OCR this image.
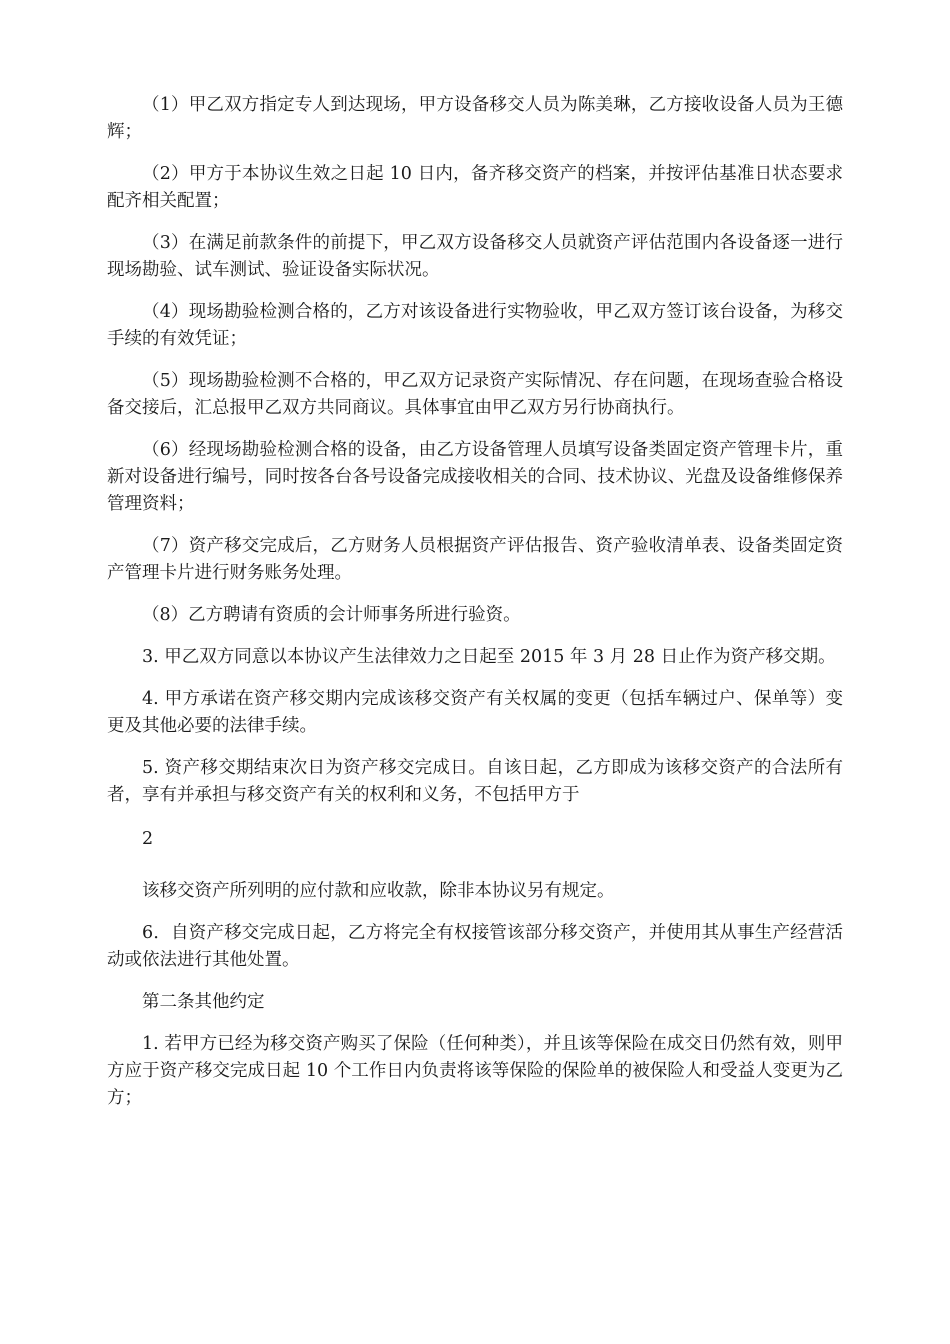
（1）甲乙双方指定专人到达现场，甲方设备移交人员为陈美琳，乙方接收设备人员为王德辉；

（2）甲方于本协议生效之日起 10 日内，备齐移交资产的档案，并按评估基准日状态要求配齐相关配置；

（3）在满足前款条件的前提下，甲乙双方设备移交人员就资产评估范围内各设备逐一进行现场勘验、试车测试、验证设备实际状况。

（4）现场勘验检测合格的，乙方对该设备进行实物验收，甲乙双方签订该台设备，为移交手续的有效凭证；

（5）现场勘验检测不合格的，甲乙双方记录资产实际情况、存在问题，在现场查验合格设备交接后，汇总报甲乙双方共同商议。具体事宜由甲乙双方另行协商执行。

（6）经现场勘验检测合格的设备，由乙方设备管理人员填写设备类固定资产管理卡片，重新对设备进行编号，同时按各台各号设备完成接收相关的合同、技术协议、光盘及设备维修保养管理资料；

（7）资产移交完成后，乙方财务人员根据资产评估报告、资产验收清单表、设备类固定资产管理卡片进行财务账务处理。

（8）乙方聘请有资质的会计师事务所进行验资。

3. 甲乙双方同意以本协议产生法律效力之日起至 2015 年 3 月 28 日止作为资产移交期。

4. 甲方承诺在资产移交期内完成该移交资产有关权属的变更（包括车辆过户、保单等）变更及其他必要的法律手续。

5. 资产移交期结束次日为资产移交完成日。自该日起，乙方即成为该移交资产的合法所有者，享有并承担与移交资产有关的权利和义务，不包括甲方于

2

该移交资产所列明的应付款和应收款，除非本协议另有规定。

6．自资产移交完成日起，乙方将完全有权接管该部分移交资产，并使用其从事生产经营活动或依法进行其他处置。

第二条其他约定

1. 若甲方已经为移交资产购买了保险（任何种类），并且该等保险在成交日仍然有效，则甲方应于资产移交完成日起 10 个工作日内负责将该等保险的保险单的被保险人和受益人变更为乙方；
